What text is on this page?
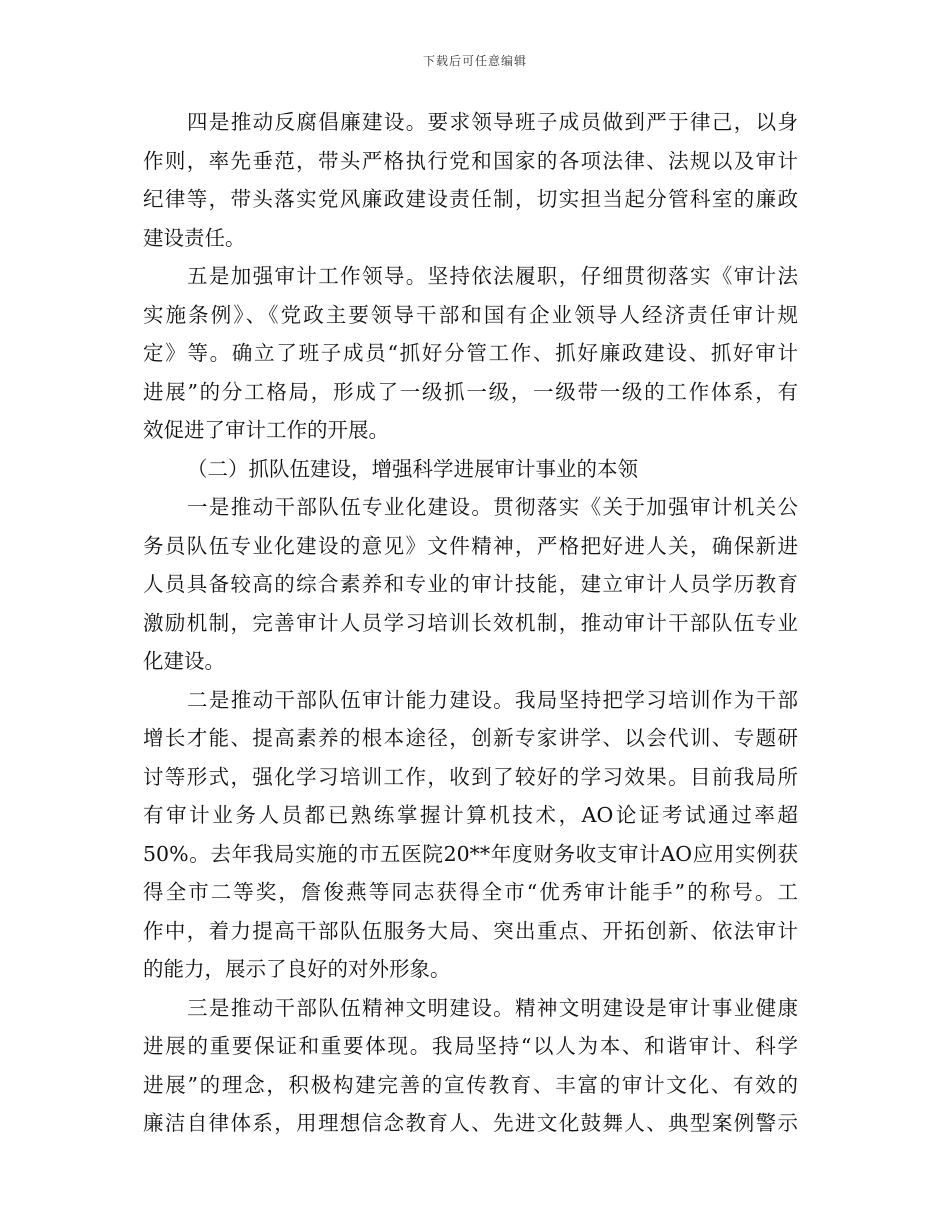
下载后可任意编辑
四是推动反腐倡廉建设。要求领导班子成员做到严于律己，以身
作则，率先垂范，带头严格执行党和国家的各项法律、法规以及审计
纪律等，带头落实党风廉政建设责任制，切实担当起分管科室的廉政
建设责任。
五是加强审计工作领导。坚持依法履职，仔细贯彻落实《审计法
实施条例》、《党政主要领导干部和国有企业领导人经济责任审计规
定》等。确立了班子成员“抓好分管工作、抓好廉政建设、抓好审计
进展”的分工格局，形成了一级抓一级，一级带一级的工作体系，有
效促进了审计工作的开展。
（二）抓队伍建设，增强科学进展审计事业的本领
一是推动干部队伍专业化建设。贯彻落实《关于加强审计机关公
务员队伍专业化建设的意见》文件精神，严格把好进人关，确保新进
人员具备较高的综合素养和专业的审计技能，建立审计人员学历教育
激励机制，完善审计人员学习培训长效机制，推动审计干部队伍专业
化建设。
二是推动干部队伍审计能力建设。我局坚持把学习培训作为干部
增长才能、提高素养的根本途径，创新专家讲学、以会代训、专题研
讨等形式，强化学习培训工作，收到了较好的学习效果。目前我局所
有审计业务人员都已熟练掌握计算机技术，AO论证考试通过率超
50%。去年我局实施的市五医院20**年度财务收支审计AO应用实例获
得全市二等奖，詹俊燕等同志获得全市“优秀审计能手”的称号。工
作中，着力提高干部队伍服务大局、突出重点、开拓创新、依法审计
的能力，展示了良好的对外形象。
三是推动干部队伍精神文明建设。精神文明建设是审计事业健康
进展的重要保证和重要体现。我局坚持“以人为本、和谐审计、科学
进展”的理念，积极构建完善的宣传教育、丰富的审计文化、有效的
廉洁自律体系，用理想信念教育人、先进文化鼓舞人、典型案例警示
